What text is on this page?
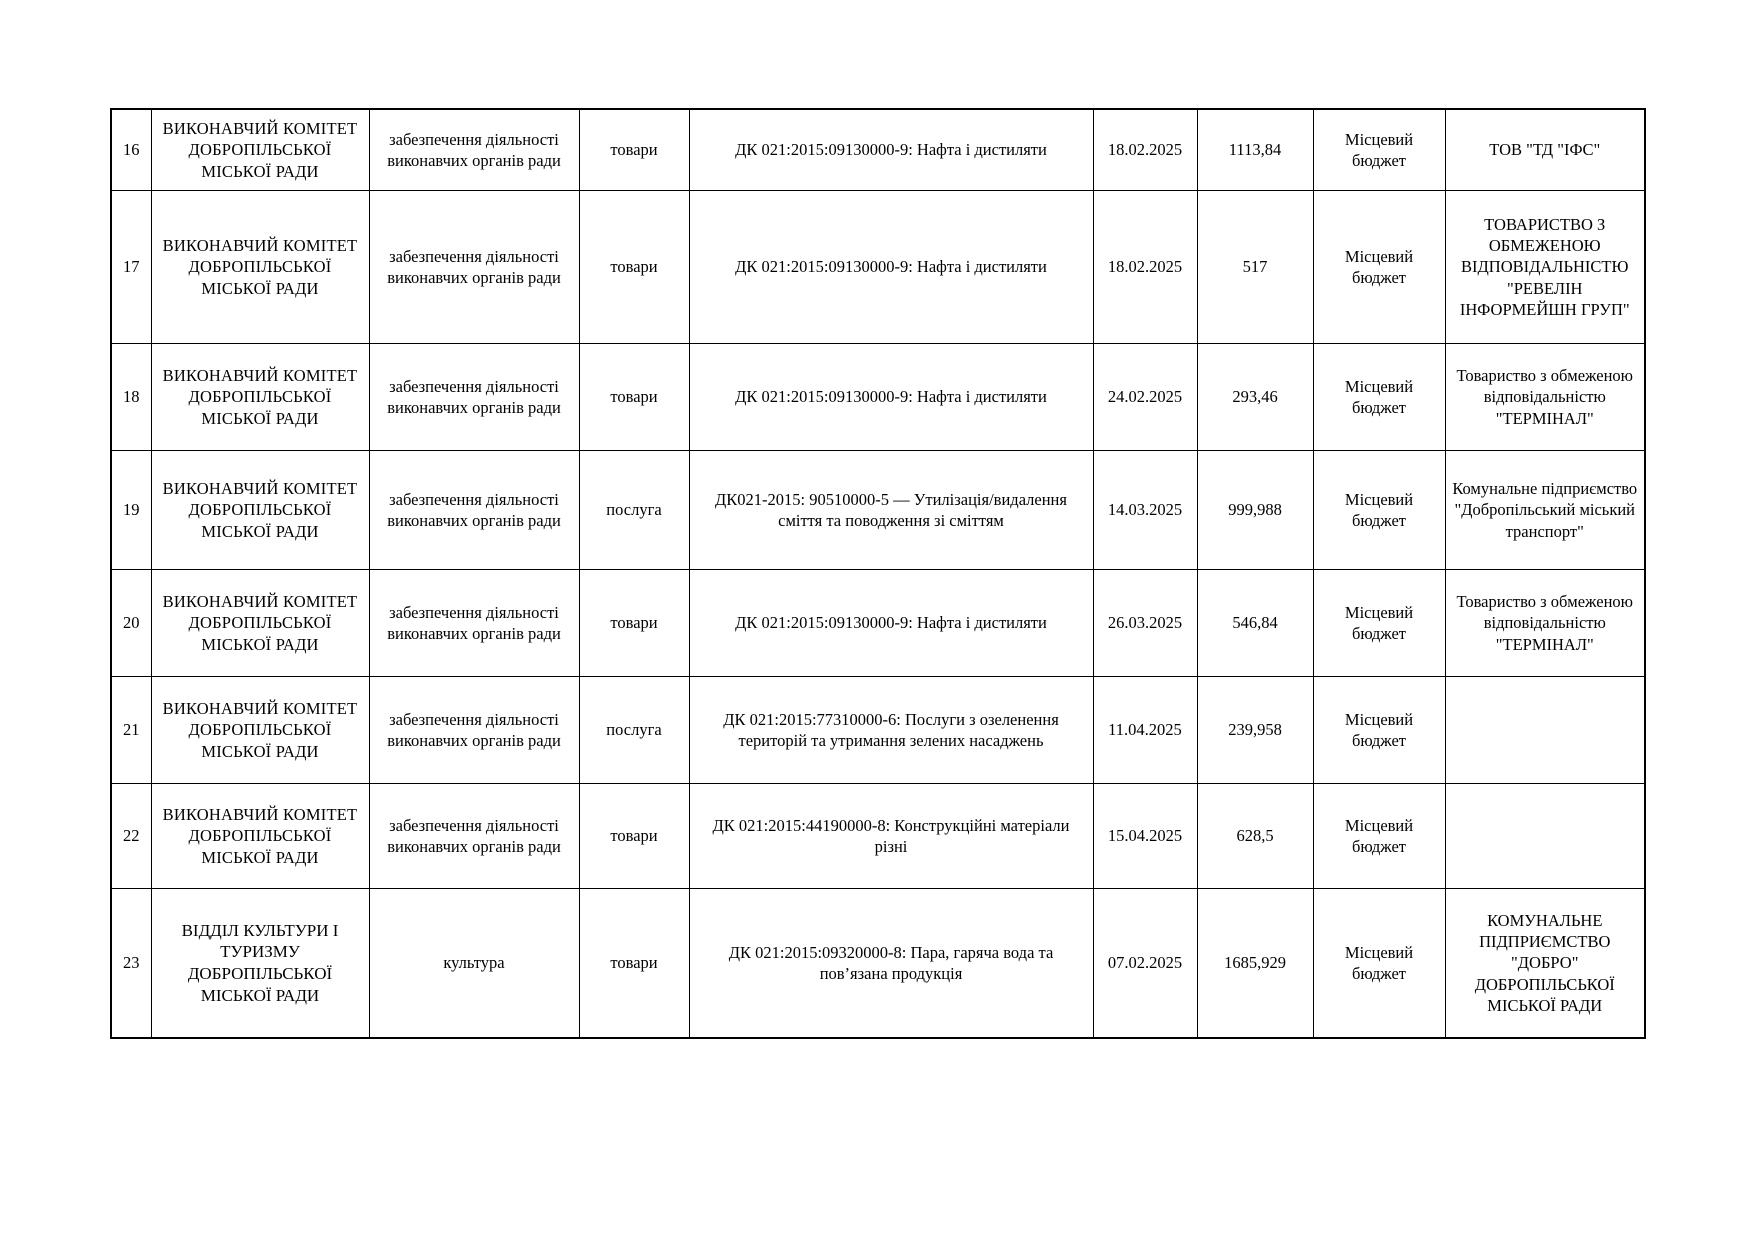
16	ВИКОНАВЧИЙ КОМІТЕТ ДОБРОПІЛЬСЬКОЇ МІСЬКОЇ РАДИ	забезпечення діяльності виконавчих органів ради	товари	ДК 021:2015:09130000-9: Нафта і дистиляти	18.02.2025	1113,84	Місцевий бюджет	ТОВ "ТД "ІФС"
17	ВИКОНАВЧИЙ КОМІТЕТ ДОБРОПІЛЬСЬКОЇ МІСЬКОЇ РАДИ	забезпечення діяльності виконавчих органів ради	товари	ДК 021:2015:09130000-9: Нафта і дистиляти	18.02.2025	517	Місцевий бюджет	ТОВАРИСТВО З ОБМЕЖЕНОЮ ВІДПОВІДАЛЬНІСТЮ "РЕВЕЛІН ІНФОРМЕЙШН ГРУП"
18	ВИКОНАВЧИЙ КОМІТЕТ ДОБРОПІЛЬСЬКОЇ МІСЬКОЇ РАДИ	забезпечення діяльності виконавчих органів ради	товари	ДК 021:2015:09130000-9: Нафта і дистиляти	24.02.2025	293,46	Місцевий бюджет	Товариство з обмеженою відповідальністю "ТЕРМІНАЛ"
19	ВИКОНАВЧИЙ КОМІТЕТ ДОБРОПІЛЬСЬКОЇ МІСЬКОЇ РАДИ	забезпечення діяльності виконавчих органів ради	послуга	ДК021-2015: 90510000-5 — Утилізація/видалення сміття та поводження зі сміттям	14.03.2025	999,988	Місцевий бюджет	Комунальне підприємство "Добропільський міський транспорт"
20	ВИКОНАВЧИЙ КОМІТЕТ ДОБРОПІЛЬСЬКОЇ МІСЬКОЇ РАДИ	забезпечення діяльності виконавчих органів ради	товари	ДК 021:2015:09130000-9: Нафта і дистиляти	26.03.2025	546,84	Місцевий бюджет	Товариство з обмеженою відповідальністю "ТЕРМІНАЛ"
21	ВИКОНАВЧИЙ КОМІТЕТ ДОБРОПІЛЬСЬКОЇ МІСЬКОЇ РАДИ	забезпечення діяльності виконавчих органів ради	послуга	ДК 021:2015:77310000-6: Послуги з озеленення територій та утримання зелених насаджень	11.04.2025	239,958	Місцевий бюджет	
22	ВИКОНАВЧИЙ КОМІТЕТ ДОБРОПІЛЬСЬКОЇ МІСЬКОЇ РАДИ	забезпечення діяльності виконавчих органів ради	товари	ДК 021:2015:44190000-8: Конструкційні матеріали різні	15.04.2025	628,5	Місцевий бюджет	
23	ВІДДІЛ КУЛЬТУРИ І ТУРИЗМУ ДОБРОПІЛЬСЬКОЇ МІСЬКОЇ РАДИ	культура	товари	ДК 021:2015:09320000-8: Пара, гаряча вода та пов’язана продукція	07.02.2025	1685,929	Місцевий бюджет	КОМУНАЛЬНЕ ПІДПРИЄМСТВО "ДОБРО" ДОБРОПІЛЬСЬКОЇ МІСЬКОЇ РАДИ
